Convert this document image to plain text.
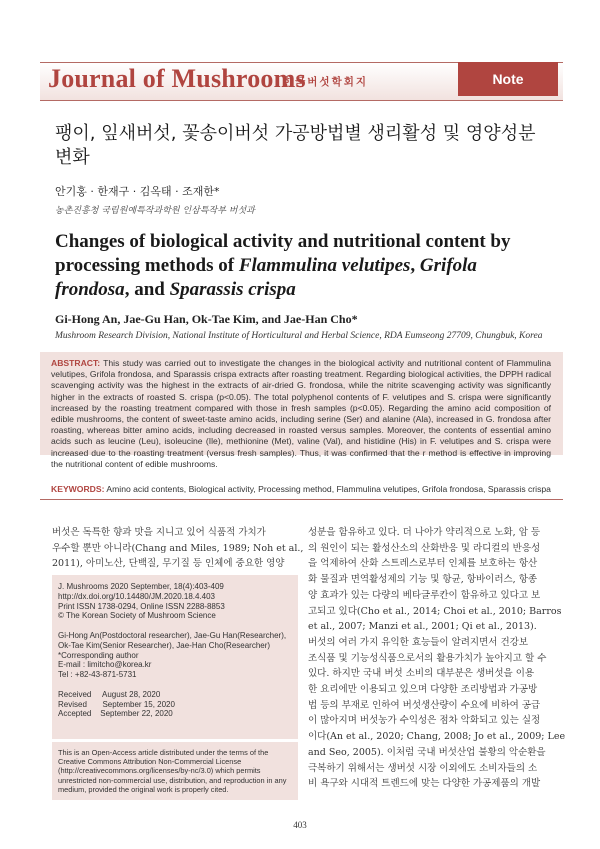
Journal of Mushrooms
한국버섯학회지	Note
팽이, 잎새버섯, 꽃송이버섯 가공방법별 생리활성 및 영양성분 변화
안기홍 · 한재구 · 김옥태 · 조재한*
농촌진흥청 국립원예특작과학원 인삼특작부 버섯과
Changes of biological activity and nutritional content by processing methods of Flammulina velutipes, Grifola frondosa, and Sparassis crispa
Gi-Hong An, Jae-Gu Han, Ok-Tae Kim, and Jae-Han Cho*
Mushroom Research Division, National Institute of Horticultural and Herbal Science, RDA Eumseong 27709, Chungbuk, Korea
ABSTRACT: This study was carried out to investigate the changes in the biological activity and nutritional content of Flammulina velutipes, Grifola frondosa, and Sparassis crispa extracts after roasting treatment. Regarding biological activities, the DPPH radical scavenging activity was the highest in the extracts of air-dried G. frondosa, while the nitrite scavenging activity was significantly higher in the extracts of roasted S. crispa (p<0.05). The total polyphenol contents of F. velutipes and S. crispa were significantly increased by the roasting treatment compared with those in fresh samples (p<0.05). Regarding the amino acid composition of edible mushrooms, the content of sweet-taste amino acids, including serine (Ser) and alanine (Ala), increased in G. frondosa after roasting, whereas bitter amino acids, including decreased in roasted versus samples. Moreover, the contents of essential amino acids such as leucine (Leu), isoleucine (Ile), methionine (Met), valine (Val), and histidine (His) in F. velutipes and S. crispa were increased due to the roasting treatment (versus fresh samples). Thus, it was confirmed that the r method is effective in improving the nutritional content of edible mushrooms.
KEYWORDS: Amino acid contents, Biological activity, Processing method, Flammulina velutipes, Grifola frondosa, Sparassis crispa
버섯은 독특한 향과 맛을 지니고 있어 식품적 가치가
우수할 뿐만 아니라(Chang and Miles, 1989; Noh et al.,
2011), 아미노산, 단백질, 무기질 등 인체에 중요한 영양
J. Mushrooms 2020 September, 18(4):403-409
http://dx.doi.org/10.14480/JM.2020.18.4.403
Print ISSN 1738-0294, Online ISSN 2288-8853
© The Korean Society of Mushroom Science

Gi-Hong An(Postdoctoral researcher), Jae-Gu Han(Researcher),
Ok-Tae Kim(Senior Researcher), Jae-Han Cho(Researcher)
*Corresponding author
E-mail : limitcho@korea.kr
Tel : +82-43-871-5731

Received     August 28, 2020
Revised       September 15, 2020
Accepted    September 22, 2020
This is an Open-Access article distributed under the terms of the Creative Commons Attribution Non-Commercial License (http://creativecommons.org/licenses/by-nc/3.0) which permits unrestricted non-commercial use, distribution, and reproduction in any medium, provided the original work is properly cited.
성분을 함유하고 있다. 더 나아가 약리적으로 노화, 암 등
의 원인이 되는 활성산소의 산화반응 및 라디컬의 반응성
을 억제하여 산화 스트레스로부터 인체를 보호하는 항산
화 물질과 면역활성제의 기능 및 항균, 항바이러스, 항종
양 효과가 있는 다량의 베타글루칸이 함유하고 있다고 보
고되고 있다(Cho et al., 2014; Choi et al., 2010; Barros
et al., 2007; Manzi et al., 2001; Qi et al., 2013).
버섯의 여러 가지 유익한 효능들이 알려지면서 건강보
조식품 및 기능성식품으로서의 활용가치가 높아지고 할 수
있다. 하지만 국내 버섯 소비의 대부분은 생버섯을 이용
한 요리에만 이용되고 있으며 다양한 조리방법과 가공방
법 등의 부재로 인하여 버섯생산량이 수요에 비하여 공급
이 많아지며 버섯농가 수익성은 점차 악화되고 있는 실정
이다(An et al., 2020; Chang, 2008; Jo et al., 2009; Lee
and Seo, 2005). 이처럼 국내 버섯산업 불황의 악순환을
극복하기 위해서는 생버섯 시장 이외에도 소비자들의 소
비 욕구와 시대적 트렌드에 맞는 다양한 가공제품의 개발
403
